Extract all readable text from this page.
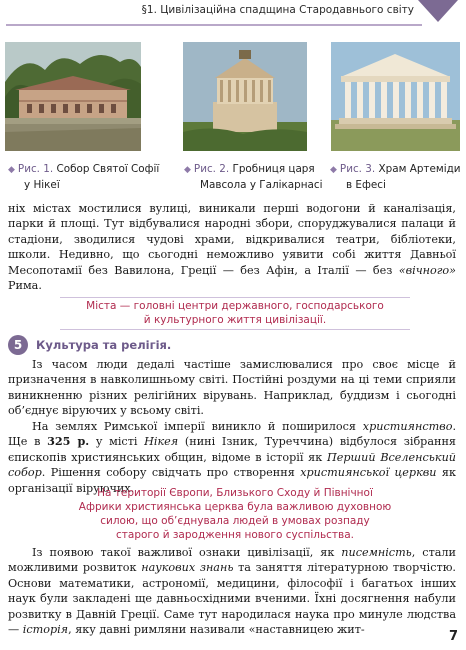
§1. Цивілізаційна спадщина Стародавнього світу
◆ Рис. 1. Собор Святої Софії
у Нікеї
◆ Рис. 2. Гробниця царя
Мавсола у Галікарнасі
◆ Рис. 3. Храм Артеміди
в Ефесі

ніх містах мостилися вулиці, виникали перші водогони й каналізація, парки й площі. Тут відбувалися народні збори, споруджувалися палаци й стадіони, зводилися чудові храми, відкривалися театри, бібліотеки, школи. Недивно, що сьогодні неможливо уявити собі життя Давньої Месопотамії без Вавилона, Греції — без Афін, а Італії — без «вічного» Рима.

Міста — головні центри державного, господарського
й культурного життя цивілізації.
5	Культура та релігія.

Із часом люди дедалі частіше замислювалися про своє місце й призначення в навколишньому світі. Постійні роздуми на ці теми сприяли виникненню різних релігійних вірувань. Наприклад, буддизм і сьогодні об’єднує віруючих у всьому світі.

На землях Римської імперії виникло й поширилося християнство. Ще в 325 р. у місті Нікея (нині Ізник, Туреччина) відбулося зібрання єпископів християнських общин, відоме в історії як Перший Вселенський собор. Рішення собору свідчать про створення християнської церкви як організації віруючих.

На території Європи, Близького Сходу й Північної
Африки християнська церква була важливою духовною
силою, що об’єднувала людей в умовах розпаду
старого й зародження нового суспільства.

Із появою такої важливої ознаки цивілізації, як писемність, стали можливими розвиток наукових знань та заняття літературною творчістю. Основи математики, астрономії, медицини, філософії і багатьох інших наук були закладені ще давньосхідними вченими. Їхні досягнення набули розвитку в Давній Греції. Саме тут народилася наука про минуле людства — історія, яку давні римляни називали «наставницею жит-	7
